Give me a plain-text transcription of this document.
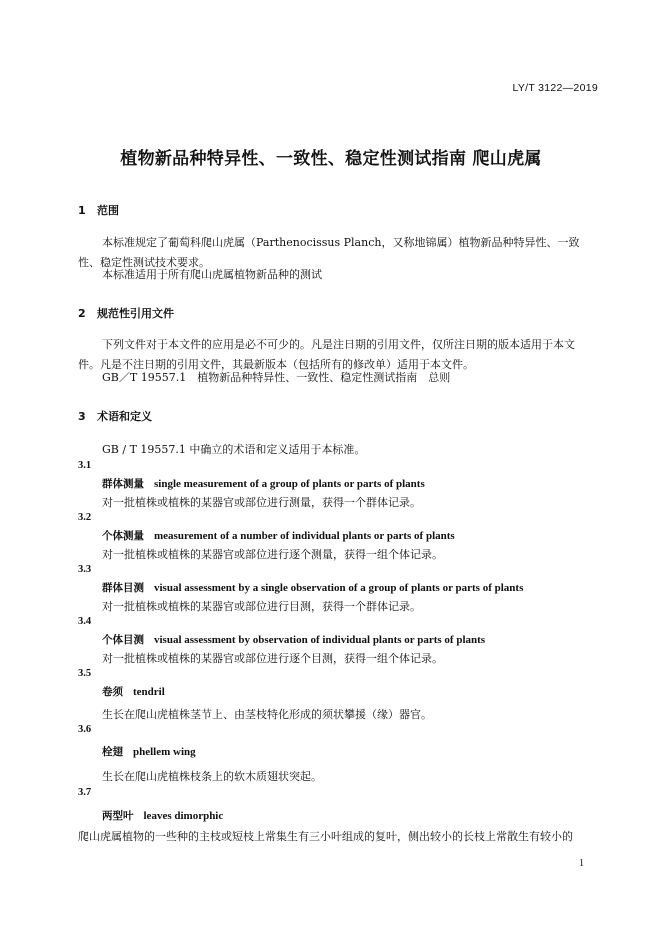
LY/T 3122—2019
植物新品种特异性、一致性、稳定性测试指南 爬山虎属
1 范围
本标准规定了葡萄科爬山虎属（Parthenocissus Planch，又称地锦属）植物新品种特异性、一致
性、稳定性测试技术要求。
本标准适用于所有爬山虎属植物新品种的测试
2 规范性引用文件
下列文件对于本文件的应用是必不可少的。凡是注日期的引用文件，仅所注日期的版本适用于本文
件。凡是不注日期的引用文件，其最新版本（包括所有的修改单）适用于本文件。
GB／T 19557.1　植物新品种特异性、一致性、稳定性测试指南　总则
3 术语和定义
GB / T 19557.1 中确立的术语和定义适用于本标准。
3.1
群体测量 single measurement of a group of plants or parts of plants
对一批植株或植株的某器官或部位进行测量，获得一个群体记录。
3.2
个体测量 measurement of a number of individual plants or parts of plants
对一批植株或植株的某器官或部位进行逐个测量，获得一组个体记录。
3.3
群体目测 visual assessment by a single observation of a group of plants or parts of plants
对一批植株或植株的某器官或部位进行目测，获得一个群体记录。
3.4
个体目测 visual assessment by observation of individual plants or parts of plants
对一批植株或植株的某器官或部位进行逐个目测，获得一组个体记录。
3.5
卷须 tendril
生长在爬山虎植株茎节上、由茎枝特化形成的须状攀援（缘）器官。
3.6
栓翅 phellem wing
生长在爬山虎植株枝条上的软木质翅状突起。
3.7
两型叶 leaves dimorphic
爬山虎属植物的一些种的主枝或短枝上常集生有三小叶组成的复叶，侧出较小的长枝上常散生有较小的
1
